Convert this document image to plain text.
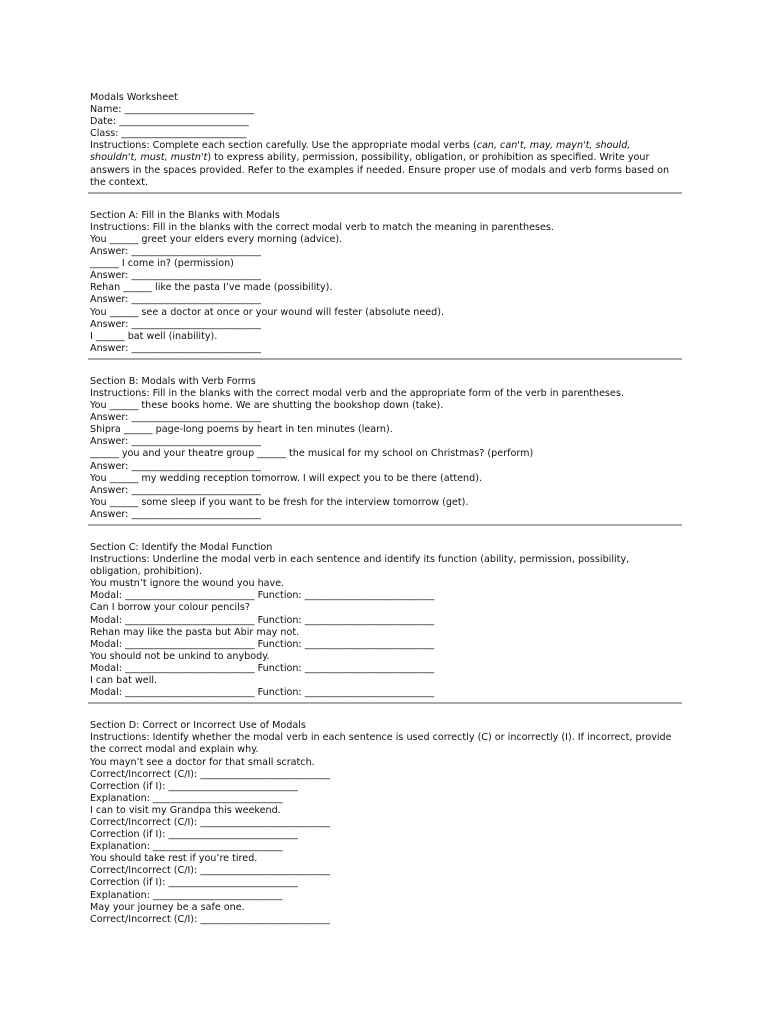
Modals Worksheet
Name: ___________________________
Date: ___________________________
Class: __________________________
Instructions: Complete each section carefully. Use the appropriate modal verbs (can, can't, may, mayn't, should, shouldn't, must, mustn't) to express ability, permission, possibility, obligation, or prohibition as specified. Write your answers in the spaces provided. Refer to the examples if needed. Ensure proper use of modals and verb forms based on the context.
Section A: Fill in the Blanks with Modals
Instructions: Fill in the blanks with the correct modal verb to match the meaning in parentheses.
You ______ greet your elders every morning (advice).
Answer: ___________________________
______ I come in? (permission)
Answer: ___________________________
Rehan ______ like the pasta I’ve made (possibility).
Answer: ___________________________
You ______ see a doctor at once or your wound will fester (absolute need).
Answer: ___________________________
I ______ bat well (inability).
Answer: ___________________________
Section B: Modals with Verb Forms
Instructions: Fill in the blanks with the correct modal verb and the appropriate form of the verb in parentheses.
You ______ these books home. We are shutting the bookshop down (take).
Answer: ___________________________
Shipra ______ page-long poems by heart in ten minutes (learn).
Answer: ___________________________
______ you and your theatre group ______ the musical for my school on Christmas? (perform)
Answer: ___________________________
You ______ my wedding reception tomorrow. I will expect you to be there (attend).
Answer: ___________________________
You ______ some sleep if you want to be fresh for the interview tomorrow (get).
Answer: ___________________________
Section C: Identify the Modal Function
Instructions: Underline the modal verb in each sentence and identify its function (ability, permission, possibility, obligation, prohibition).
You mustn’t ignore the wound you have.
Modal: ___________________________ Function: ___________________________
Can I borrow your colour pencils?
Modal: ___________________________ Function: ___________________________
Rehan may like the pasta but Abir may not.
Modal: ___________________________ Function: ___________________________
You should not be unkind to anybody.
Modal: ___________________________ Function: ___________________________
I can bat well.
Modal: ___________________________ Function: ___________________________
Section D: Correct or Incorrect Use of Modals
Instructions: Identify whether the modal verb in each sentence is used correctly (C) or incorrectly (I). If incorrect, provide the correct modal and explain why.
You mayn’t see a doctor for that small scratch.
Correct/Incorrect (C/I): ___________________________
Correction (if I): ___________________________
Explanation: ___________________________
I can to visit my Grandpa this weekend.
Correct/Incorrect (C/I): ___________________________
Correction (if I): ___________________________
Explanation: ___________________________
You should take rest if you’re tired.
Correct/Incorrect (C/I): ___________________________
Correction (if I): ___________________________
Explanation: ___________________________
May your journey be a safe one.
Correct/Incorrect (C/I): ___________________________
